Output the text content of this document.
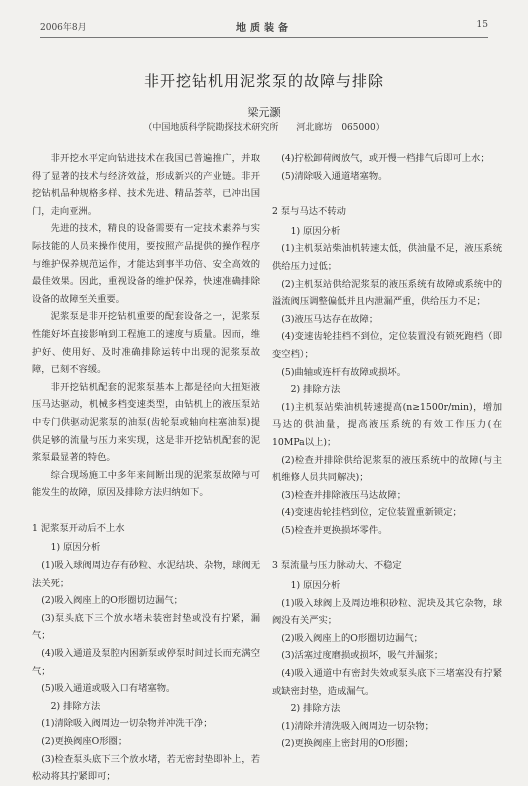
2006年8月	地质装备	15
非开挖钻机用泥浆泵的故障与排除
梁元灏
（中国地质科学院勘探技术研究所　　河北廊坊　065000）

非开挖水平定向钻进技术在我国已普遍推广，并取得了显著的技术与经济效益，形成新兴的产业链。非开挖钻机品种规格多样、技术先进、精品荟萃，已冲出国门，走向亚洲。

先进的技术，精良的设备需要有一定技术素养与实际技能的人员来操作使用，要按照产品提供的操作程序与维护保养规范运作，才能达到事半功倍、安全高效的最佳效果。因此，重视设备的维护保养，快速准确排除设备的故障至关重要。

泥浆泵是非开挖钻机重要的配套设备之一，泥浆泵性能好坏直接影响到工程施工的速度与质量。因而，维护好、使用好、及时准确排除运转中出现的泥浆泵故障，已刻不容缓。

非开挖钻机配套的泥浆泵基本上都是径向大扭矩液压马达驱动，机械多档变速类型，由钻机上的液压泵站中专门供驱动泥浆泵的油泵(齿轮泵或轴向柱塞油泵)提供足够的流量与压力来实现，这是非开挖钻机配套的泥浆泵最显著的特色。

综合现场施工中多年来间断出现的泥浆泵故障与可能发生的故障，原因及排除方法归纳如下。

1 泥浆泵开动后不上水

1) 原因分析

(1)吸入球阀周边存有砂粒、水泥结块、杂物，球阀无法关死；

(2)吸入阀座上的O形圈切边漏气；

(3)泵头底下三个放水堵未装密封垫或没有拧紧，漏气；

(4)吸入通道及泵腔内困新泵或停泵时间过长而充满空气；

(5)吸入通道或吸入口有堵塞物。

2) 排除方法

(1)清除吸入阀周边一切杂物并冲洗干净；

(2)更换阀座O形圈；

(3)检查泵头底下三个放水堵，若无密封垫即补上，若松动将其拧紧即可；

(4)拧松卸荷阀放气，或开慢一档排气后即可上水；

(5)清除吸入通道堵塞物。

2 泵与马达不转动

1) 原因分析

(1)主机泵站柴油机转速太低，供油量不足，液压系统供给压力过低；

(2)主机泵站供给泥浆泵的液压系统有故障或系统中的溢流阀压调整偏低并且内泄漏严重，供给压力不足；

(3)液压马达存在故障；

(4)变速齿轮挂档不到位，定位装置没有锁死跑档（即变空档）；

(5)曲轴或连杆有故障或损坏。

2) 排除方法

(1)主机泵站柴油机转速提高(n≥1500r/min)，增加马达的供油量，提高液压系统的有效工作压力(在10MPa以上)；

(2)检查并排除供给泥浆泵的液压系统中的故障(与主机维修人员共同解决)；

(3)检查并排除液压马达故障；

(4)变速齿轮挂档到位，定位装置重新锁定；

(5)检查并更换损坏零件。

3 泵流量与压力脉动大、不稳定

1) 原因分析

(1)吸入球阀上及周边堆积砂粒、泥块及其它杂物，球阀没有关严实；

(2)吸入阀座上的O形圈切边漏气；

(3)活塞过度磨损或损坏，吸气并漏浆；

(4)吸入通道中有密封失效或泵头底下三堵塞没有拧紧或缺密封垫，造成漏气。

2) 排除方法

(1)清除并清洗吸入阀周边一切杂物；

(2)更换阀座上密封用的O形圈；
